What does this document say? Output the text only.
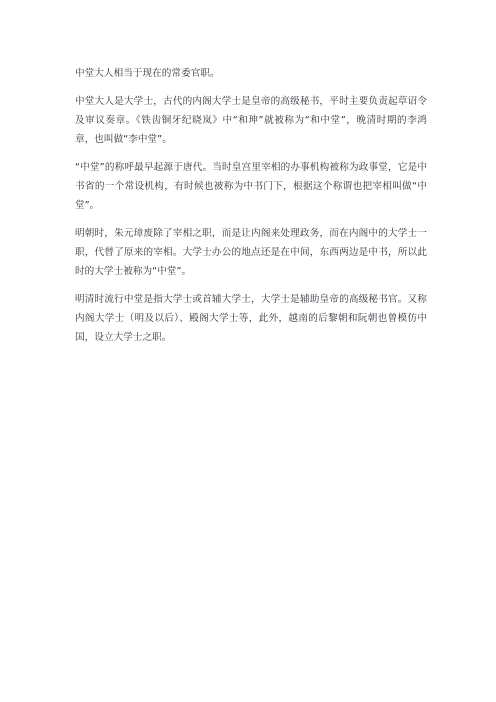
中堂大人相当于现在的常委官职。

中堂大人是大学士，古代的内阁大学士是皇帝的高级秘书，平时主要负责起草诏令及审议奏章。《铁齿铜牙纪晓岚》中“和珅”就被称为“和中堂”，晚清时期的李鸿章，也叫做“李中堂”。

“中堂”的称呼最早起源于唐代。当时皇宫里宰相的办事机构被称为政事堂，它是中书省的一个常设机构，有时候也被称为中书门下，根据这个称谓也把宰相叫做“中堂”。

明朝时，朱元璋废除了宰相之职，而是让内阁来处理政务，而在内阁中的大学士一职，代替了原来的宰相。大学士办公的地点还是在中间，东西两边是中书，所以此时的大学士被称为“中堂”。

明清时流行中堂是指大学士或首辅大学士，大学士是辅助皇帝的高级秘书官。又称内阁大学士（明及以后）、殿阁大学士等，此外，越南的后黎朝和阮朝也曾模仿中国，设立大学士之职。
